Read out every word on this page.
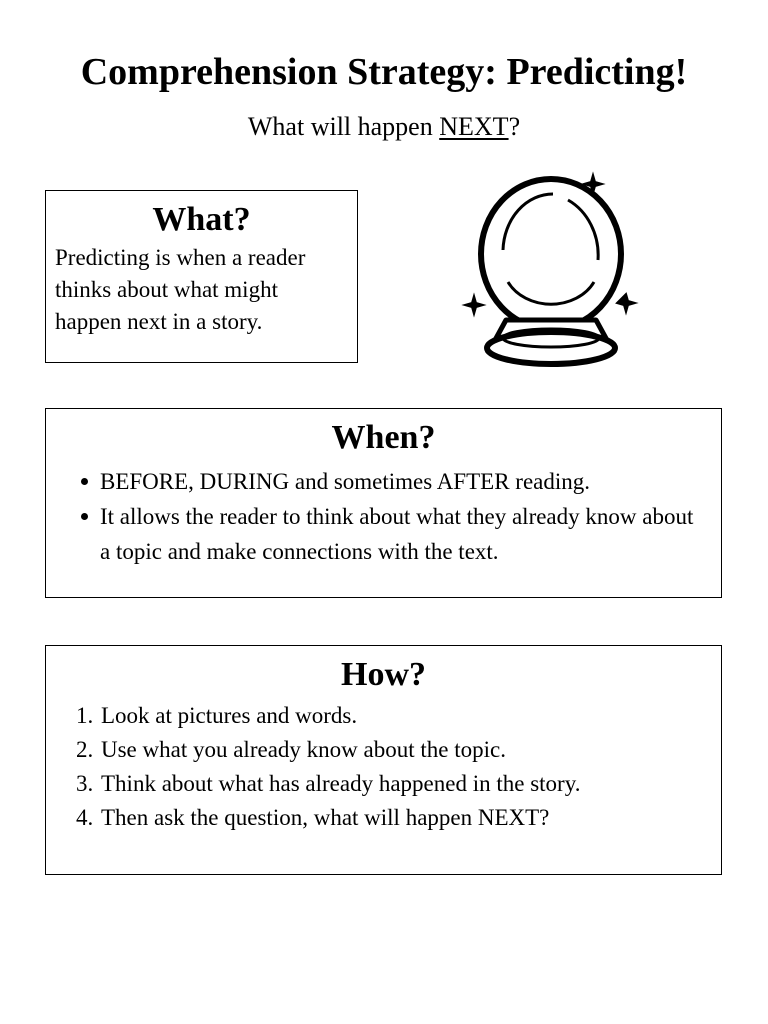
Comprehension Strategy: Predicting!
What will happen NEXT?
What?
Predicting is when a reader thinks about what might happen next in a story.
When?
BEFORE, DURING and sometimes AFTER reading.
It allows the reader to think about what they already know about a topic and make connections with the text.
How?
1. Look at pictures and words.
2. Use what you already know about the topic.
3. Think about what has already happened in the story.
4. Then ask the question, what will happen NEXT?
